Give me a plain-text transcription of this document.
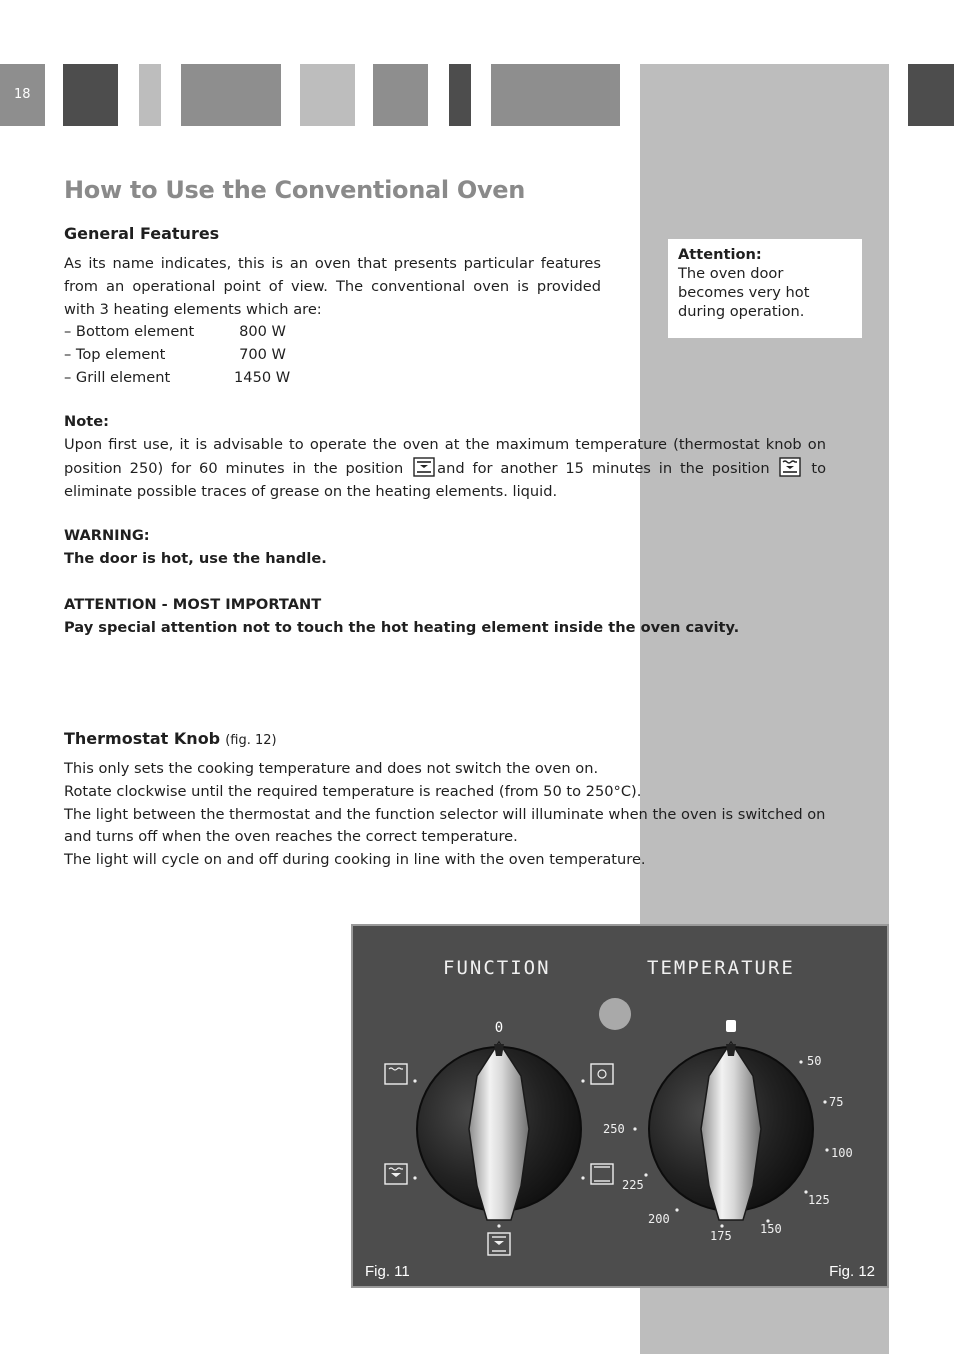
18
How to Use the Conventional Oven
General Features

As its name indicates, this is an oven that presents particular features from an operational point of view. The conventional oven is provided with 3 heating elements which are:

– Bottom element	800 W
– Top element	700 W
– Grill element	1450 W
Attention:
The oven door becomes very hot during operation.
Note:

Upon first use, it is advisable to operate the oven at the maximum temperature (thermostat knob on position 250) for 60 minutes in the position and for another 15 minutes in the position	to eliminate possible traces of grease on the heating elements. liquid.

WARNING:
The door is hot, use the handle.
ATTENTION - MOST IMPORTANT
Pay special attention not to touch the hot heating element inside the oven cavity.
Thermostat Knob (fig. 12)
This only sets the cooking temperature and does not switch the oven on.
Rotate clockwise until the required temperature is reached (from 50 to 250°C).
The light between the thermostat and the function selector will illuminate when the oven is switched on and turns off when the oven reaches the correct temperature.
The light will cycle on and off during cooking in line with the oven temperature.
FUNCTION	TEMPERATURE
0
50
75
100
125
150
175
200
225
250
Fig. 11	Fig. 12
